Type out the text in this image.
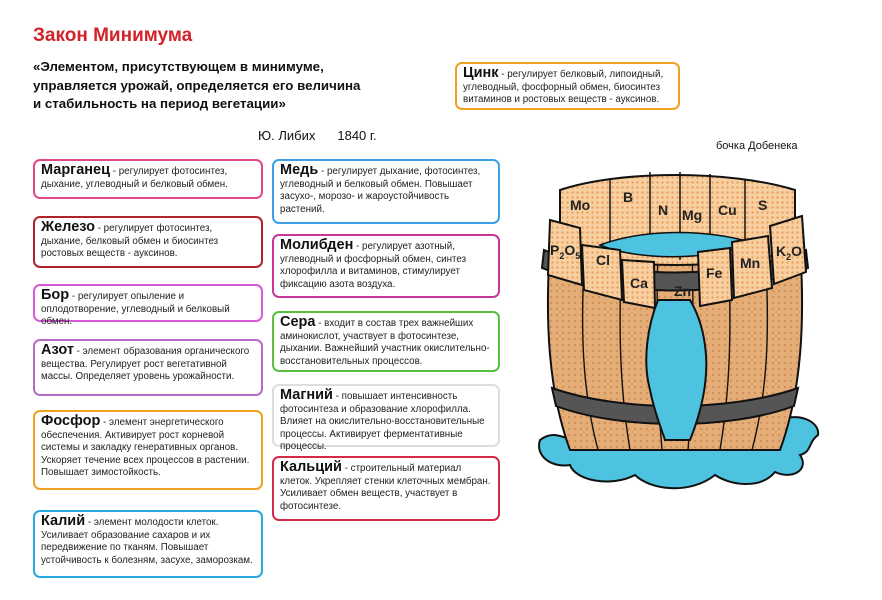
Закон Минимума
«Элементом, присутствующем в минимуме,
управляется урожай, определяется его величина
и стабильность на период вегетации»
Ю. Либих 1840 г.
бочка Добенека
Цинк - регулирует белковый, липоидный, углеводный, фосфорный обмен, биосинтез витаминов и ростовых веществ - ауксинов.
Марганец - регулирует фотосинтез, дыхание, углеводный и белковый обмен.
Железо - регулирует фотосинтез, дыхание, белковый обмен и биосинтез ростовых веществ - ауксинов.
Бор - регулирует опыление и оплодотворение, углеводный и белковый обмен.
Азот - элемент образования органического вещества. Регулирует рост вегетативной массы. Определяет уровень урожайности.
Фосфор - элемент энергетического обеспечения. Активирует рост корневой системы и закладку генеративных органов. Ускоряет течение всех процессов в растении. Повышает зимостойкость.
Калий - элемент молодости клеток. Усиливает образование сахаров и их передвижение по тканям. Повышает устойчивость к болезням, засухе, заморозкам.
Медь - регулирует дыхание, фотосинтез, углеводный и белковый обмен. Повышает засухо-, морозо- и жароустойчивость растений.
Молибден - регулирует азотный, углеводный и фосфорный обмен, синтез хлорофилла и витаминов, стимулирует фиксацию азота воздуха.
Сера - входит в состав трех важнейших аминокислот, участвует в фотосинтезе, дыхании. Важнейший участник окислительно-восстановительных процессов.
Магний - повышает интенсивность фотосинтеза и образование хлорофилла. Влияет на окислительно-восстановительные процессы. Активирует ферментативные процессы.
Кальций - строительный материал клеток. Укрепляет стенки клеточных мембран. Усиливает обмен веществ, участвует в фотосинтезе.
Mo B
N Mg Cu S
$P_2O_5$ Cl
Ca Zn
Fe
Mn
$K_2O$
